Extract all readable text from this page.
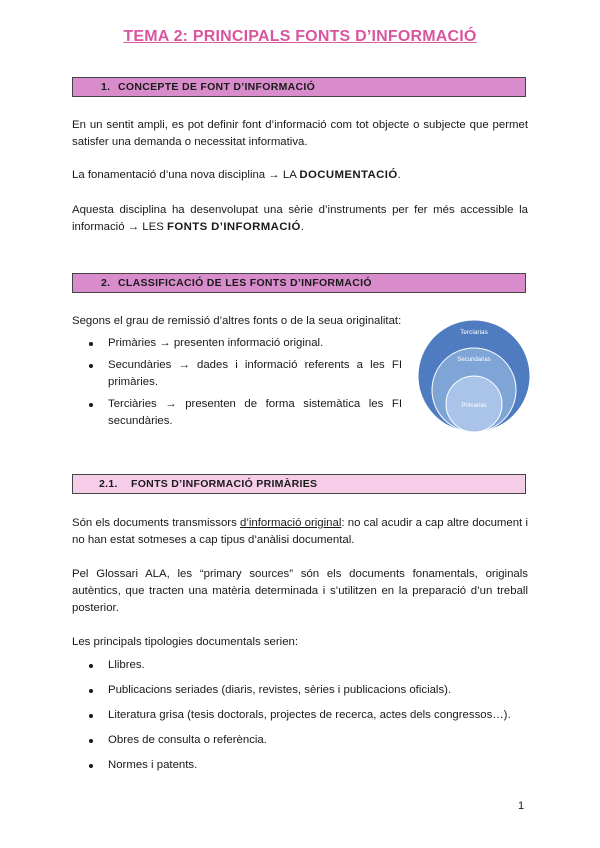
TEMA 2: PRINCIPALS FONTS D’INFORMACIÓ
1. CONCEPTE DE FONT D’INFORMACIÓ

En un sentit ampli, es pot definir font d’informació com tot objecte o subjecte que permet satisfer una demanda o necessitat informativa.

La fonamentació d’una nova disciplina → LA DOCUMENTACIÓ.

Aquesta disciplina ha desenvolupat una sèrie d’instruments per fer més accessible la informació → LES FONTS D’INFORMACIÓ.

2. CLASSIFICACIÓ DE LES FONTS D’INFORMACIÓ

Segons el grau de remissió d’altres fonts o de la seua originalitat:

Primàries → presenten informació original.
Secundàries → dades i informació referents a les FI primàries.
Terciàries → presenten de forma sistemàtica les FI secundàries.
Terciarias
Secundarias
Primarias
2.1. FONTS D’INFORMACIÓ PRIMÀRIES

Són els documents transmissors d’informació original: no cal acudir a cap altre document i no han estat sotmeses a cap tipus d’anàlisi documental.

Pel Glossari ALA, les “primary sources” són els documents fonamentals, originals autèntics, que tracten una matèria determinada i s’utilitzen en la preparació d’un treball posterior.

Les principals tipologies documentals serien:

Llibres.
Publicacions seriades (diaris, revistes, sèries i publicacions oficials).
Literatura grisa (tesis doctorals, projectes de recerca, actes dels congressos…).
Obres de consulta o referència.
Normes i patents.
1
